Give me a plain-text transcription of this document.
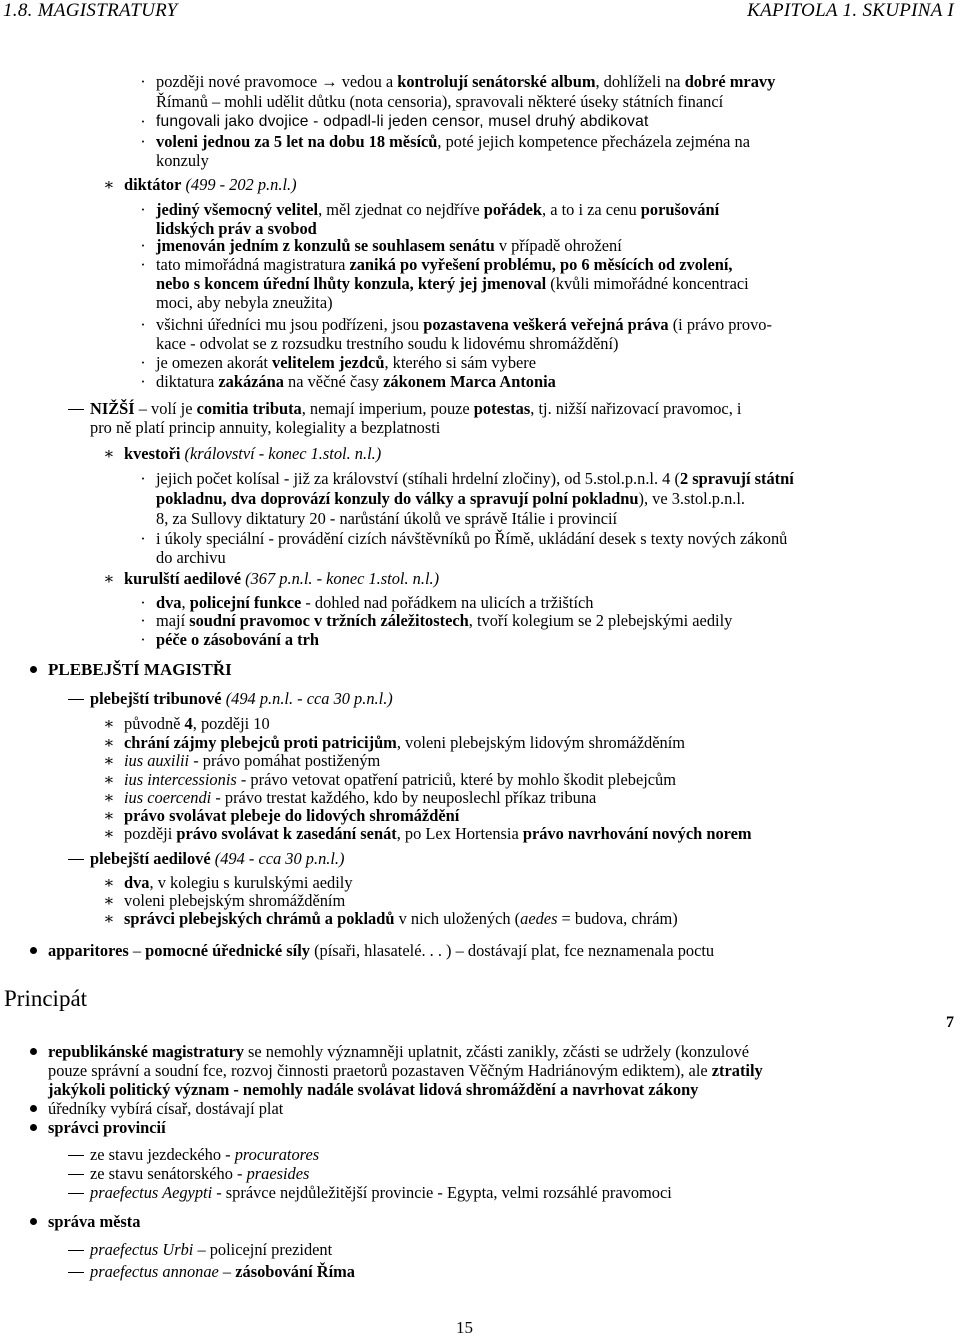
1.8. MAGISTRATURY	KAPITOLA 1. SKUPINA I
·
později nové pravomoce → vedou a kontrolují senátorské album, dohlíželi na dobré mravy
Římanů – mohli udělit důtku (nota censoria), spravovali některé úseky státních financí
·
fungovali jako dvojice - odpadl-li jeden censor, musel druhý abdikovat
·
voleni jednou za 5 let na dobu 18 měsíců, poté jejich kompetence přecházela zejména na
konzuly
∗
diktátor (499 - 202 p.n.l.)
·
jediný všemocný velitel, měl zjednat co nejdříve pořádek, a to i za cenu porušování
lidských práv a svobod
·
jmenován jedním z konzulů se souhlasem senátu v případě ohrožení
·
tato mimořádná magistratura zaniká po vyřešení problému, po 6 měsících od zvolení,
nebo s koncem úřední lhůty konzula, který jej jmenoval (kvůli mimořádné koncentraci
moci, aby nebyla zneužita)
·
všichni úředníci mu jsou podřízeni, jsou pozastavena veškerá veřejná práva (i právo provo-
kace - odvolat se z rozsudku trestního soudu k lidovému shromáždění)
·
je omezen akorát velitelem jezdců, kterého si sám vybere
·
diktatura zakázána na věčné časy zákonem Marca Antonia
NIŽŠÍ – volí je comitia tributa, nemají imperium, pouze potestas, tj. nižší nařizovací pravomoc, i
pro ně platí princip annuity, kolegiality a bezplatnosti
∗
kvestoři (království - konec 1.stol. n.l.)
·
jejich počet kolísal - již za království (stíhali hrdelní zločiny), od 5.stol.p.n.l. 4 (2 spravují státní
pokladnu, dva doprovází konzuly do války a spravují polní pokladnu), ve 3.stol.p.n.l.
8, za Sullovy diktatury 20 - narůstání úkolů ve správě Itálie i provincií
·
i úkoly speciální - provádění cizích návštěvníků po Římě, ukládání desek s texty nových zákonů
do archivu
∗
kurulští aedilové (367 p.n.l. - konec 1.stol. n.l.)
·
dva, policejní funkce - dohled nad pořádkem na ulicích a tržištích
·
mají soudní pravomoc v tržních záležitostech, tvoří kolegium se 2 plebejskými aedily
·
péče o zásobování a trh
PLEBEJŠTÍ MAGISTŘI
plebejští tribunové (494 p.n.l. - cca 30 p.n.l.)
∗
původně 4, později 10
∗
chrání zájmy plebejců proti patricijům, voleni plebejským lidovým shromážděním
∗
ius auxilii - právo pomáhat postiženým
∗
ius intercessionis - právo vetovat opatření patriciů, které by mohlo škodit plebejcům
∗
ius coercendi - právo trestat každého, kdo by neuposlechl příkaz tribuna
∗
právo svolávat plebeje do lidových shromáždění
∗
později právo svolávat k zasedání senát, po Lex Hortensia právo navrhování nových norem
plebejští aedilové (494 - cca 30 p.n.l.)
∗
dva, v kolegiu s kurulskými aedily
∗
voleni plebejským shromážděním
∗
správci plebejských chrámů a pokladů v nich uložených (aedes = budova, chrám)
apparitores – pomocné úřednické síly (písaři, hlasatelé. . . ) – dostávají plat, fce neznamenala poctu
Principát
7
republikánské magistratury se nemohly významněji uplatnit, zčásti zanikly, zčásti se udržely (konzulové
pouze správní a soudní fce, rozvoj činnosti praetorů pozastaven Věčným Hadriánovým ediktem), ale ztratily
jakýkoli politický význam - nemohly nadále svolávat lidová shromáždění a navrhovat zákony
úředníky vybírá císař, dostávají plat
správci provincií
ze stavu jezdeckého - procuratores
ze stavu senátorského - praesides
praefectus Aegypti - správce nejdůležitější provincie - Egypta, velmi rozsáhlé pravomoci
správa města
praefectus Urbi – policejní prezident
praefectus annonae – zásobování Říma
15
